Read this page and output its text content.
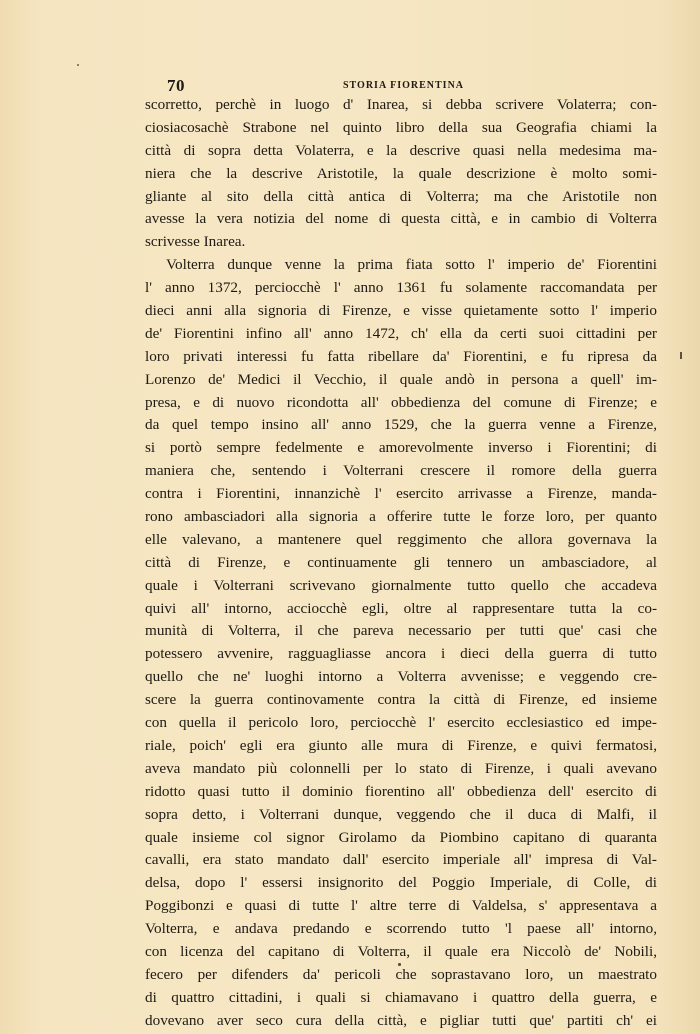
70	STORIA FIORENTINA
scorretto, perchè in luogo d' Inarea, si debba scrivere Volaterra; con-
ciosiacosachè Strabone nel quinto libro della sua Geografia chiami la
città di sopra detta Volaterra, e la descrive quasi nella medesima ma-
niera che la descrive Aristotile, la quale descrizione è molto somi-
gliante al sito della città antica di Volterra; ma che Aristotile non
avesse la vera notizia del nome di questa città, e in cambio di Volterra
scrivesse Inarea.
Volterra dunque venne la prima fiata sotto l' imperio de' Fiorentini
l' anno 1372, perciocchè l' anno 1361 fu solamente raccomandata per
dieci anni alla signoria di Firenze, e visse quietamente sotto l' imperio
de' Fiorentini infino all' anno 1472, ch' ella da certi suoi cittadini per
loro privati interessi fu fatta ribellare da' Fiorentini, e fu ripresa da
Lorenzo de' Medici il Vecchio, il quale andò in persona a quell' im-
presa, e di nuovo ricondotta all' obbedienza del comune di Firenze; e
da quel tempo insino all' anno 1529, che la guerra venne a Firenze,
si portò sempre fedelmente e amorevolmente inverso i Fiorentini; di
maniera che, sentendo i Volterrani crescere il romore della guerra
contra i Fiorentini, innanzichè l' esercito arrivasse a Firenze, manda-
rono ambasciadori alla signoria a offerire tutte le forze loro, per quanto
elle valevano, a mantenere quel reggimento che allora governava la
città di Firenze, e continuamente gli tennero un ambasciadore, al
quale i Volterrani scrivevano giornalmente tutto quello che accadeva
quivi all' intorno, acciocchè egli, oltre al rappresentare tutta la co-
munità di Volterra, il che pareva necessario per tutti que' casi che
potessero avvenire, ragguagliasse ancora i dieci della guerra di tutto
quello che ne' luoghi intorno a Volterra avvenisse; e veggendo cre-
scere la guerra continovamente contra la città di Firenze, ed insieme
con quella il pericolo loro, perciocchè l' esercito ecclesiastico ed impe-
riale, poich' egli era giunto alle mura di Firenze, e quivi fermatosi,
aveva mandato più colonnelli per lo stato di Firenze, i quali avevano
ridotto quasi tutto il dominio fiorentino all' obbedienza dell' esercito di
sopra detto, i Volterrani dunque, veggendo che il duca di Malfi, il
quale insieme col signor Girolamo da Piombino capitano di quaranta
cavalli, era stato mandato dall' esercito imperiale all' impresa di Val-
delsa, dopo l' essersi insignorito del Poggio Imperiale, di Colle, di
Poggibonzi e quasi di tutte l' altre terre di Valdelsa, s' appresentava a
Volterra, e andava predando e scorrendo tutto 'l paese all' intorno,
con licenza del capitano di Volterra, il quale era Niccolò de' Nobili,
fecero per difenders da' pericoli che soprastavano loro, un maestrato
di quattro cittadini, i quali si chiamavano i quattro della guerra, e
dovevano aver seco cura della città, e pigliar tutti que' partiti ch' ei
